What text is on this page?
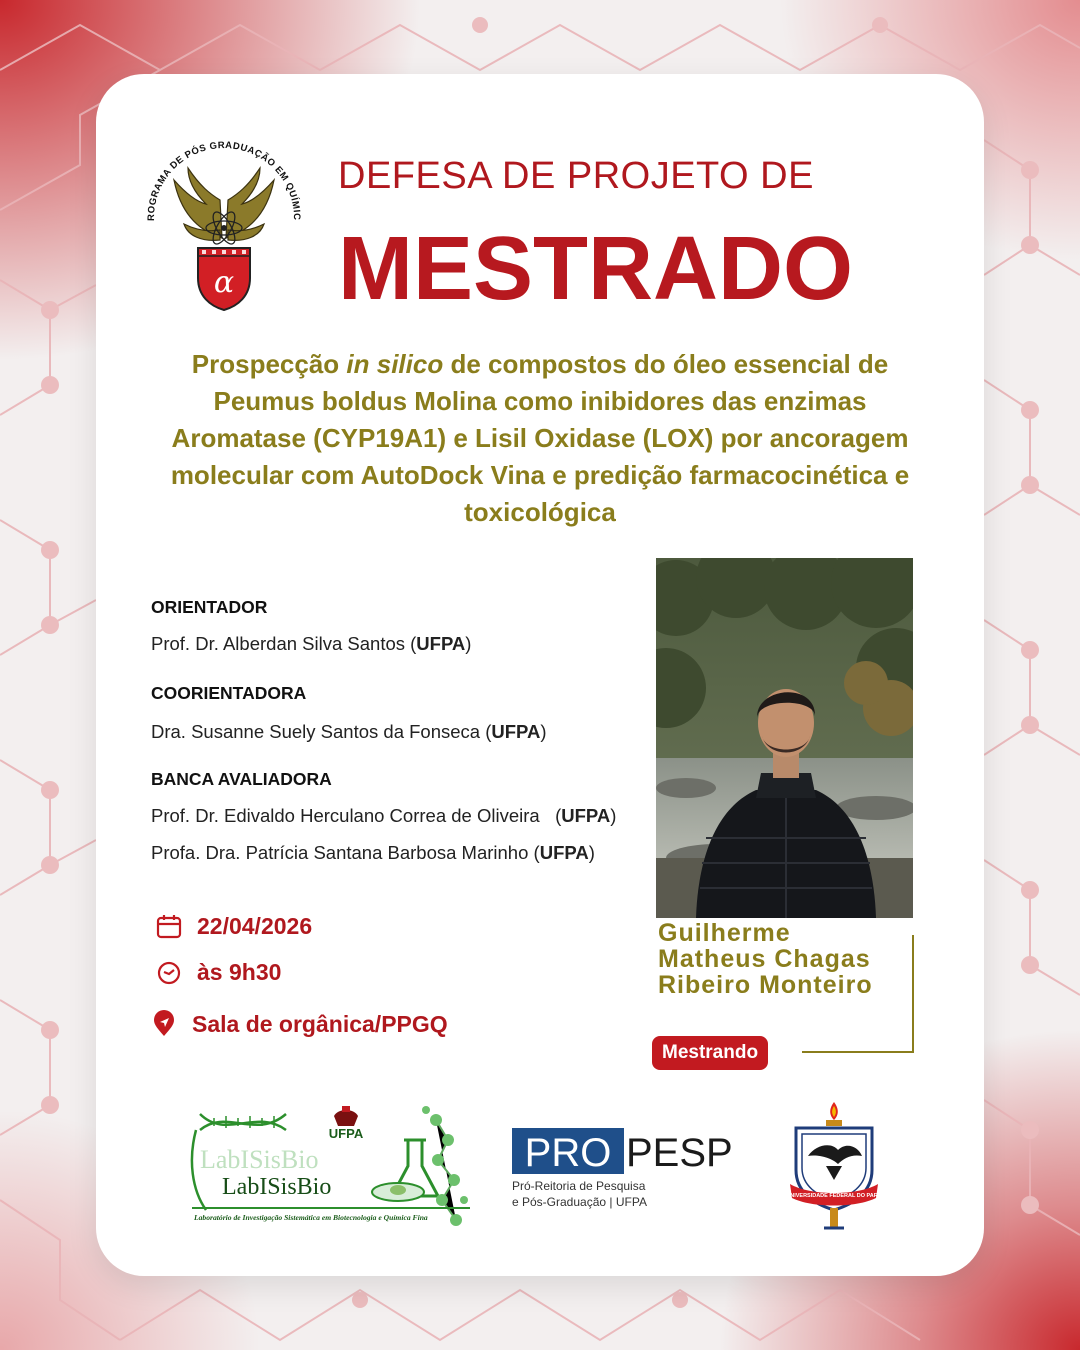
ROGRAMA DE PÓS GRADUAÇÃO EM QUÍMIC
α
DEFESA DE PROJETO DE
MESTRADO
Prospecção in silico de compostos do óleo essencial de Peumus boldus Molina como inibidores das enzimas Aromatase (CYP19A1) e Lisil Oxidase (LOX) por ancoragem molecular com AutoDock Vina e predição farmacocinética e toxicológica
ORIENTADOR
Prof. Dr. Alberdan Silva Santos (UFPA)
COORIENTADORA
Dra. Susanne Suely Santos da Fonseca (UFPA)
BANCA AVALIADORA
Prof. Dr. Edivaldo Herculano Correa de Oliveira   (UFPA)
Profa. Dra. Patrícia Santana Barbosa Marinho (UFPA)
22/04/2026
às 9h30
Sala de orgânica/PPGQ
Guilherme
Matheus Chagas
Ribeiro Monteiro
Mestrando
UFPA
LabISisBio
LabISisBio
Laboratório de Investigação Sistemática em Biotecnologia e Química Fina
PRO PESP
Pró-Reitoria de Pesquisa
e Pós-Graduação | UFPA	UNIVERSIDADE FEDERAL DO PARÁ
